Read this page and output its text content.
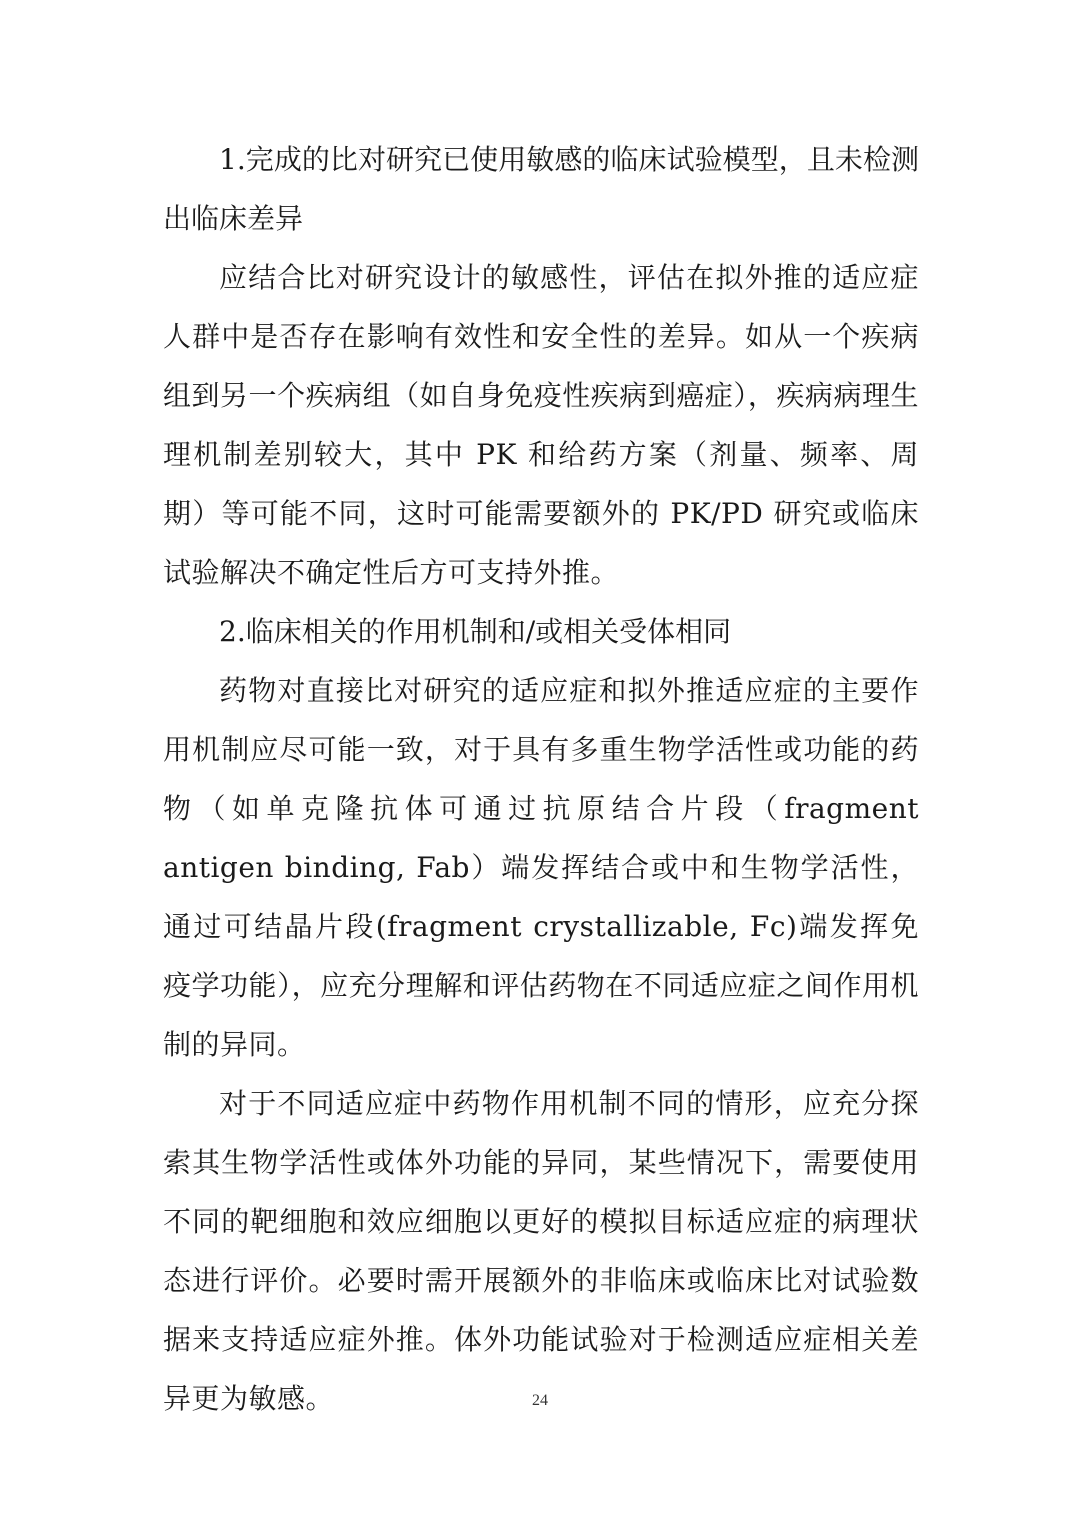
1.完成的比对研究已使用敏感的临床试验模型，且未检测出临床差异

应结合比对研究设计的敏感性，评估在拟外推的适应症人群中是否存在影响有效性和安全性的差异。如从一个疾病组到另一个疾病组（如自身免疫性疾病到癌症），疾病病理生理机制差别较大，其中 PK 和给药方案（剂量、频率、周期）等可能不同，这时可能需要额外的 PK/PD 研究或临床试验解决不确定性后方可支持外推。

2.临床相关的作用机制和/或相关受体相同

药物对直接比对研究的适应症和拟外推适应症的主要作用机制应尽可能一致，对于具有多重生物学活性或功能的药物（如单克隆抗体可通过抗原结合片段（fragment antigen binding, Fab）端发挥结合或中和生物学活性，通过可结晶片段(fragment crystallizable, Fc)端发挥免疫学功能），应充分理解和评估药物在不同适应症之间作用机制的异同。

对于不同适应症中药物作用机制不同的情形，应充分探索其生物学活性或体外功能的异同，某些情况下，需要使用不同的靶细胞和效应细胞以更好的模拟目标适应症的病理状态进行评价。必要时需开展额外的非临床或临床比对试验数据来支持适应症外推。体外功能试验对于检测适应症相关差异更为敏感。	24
